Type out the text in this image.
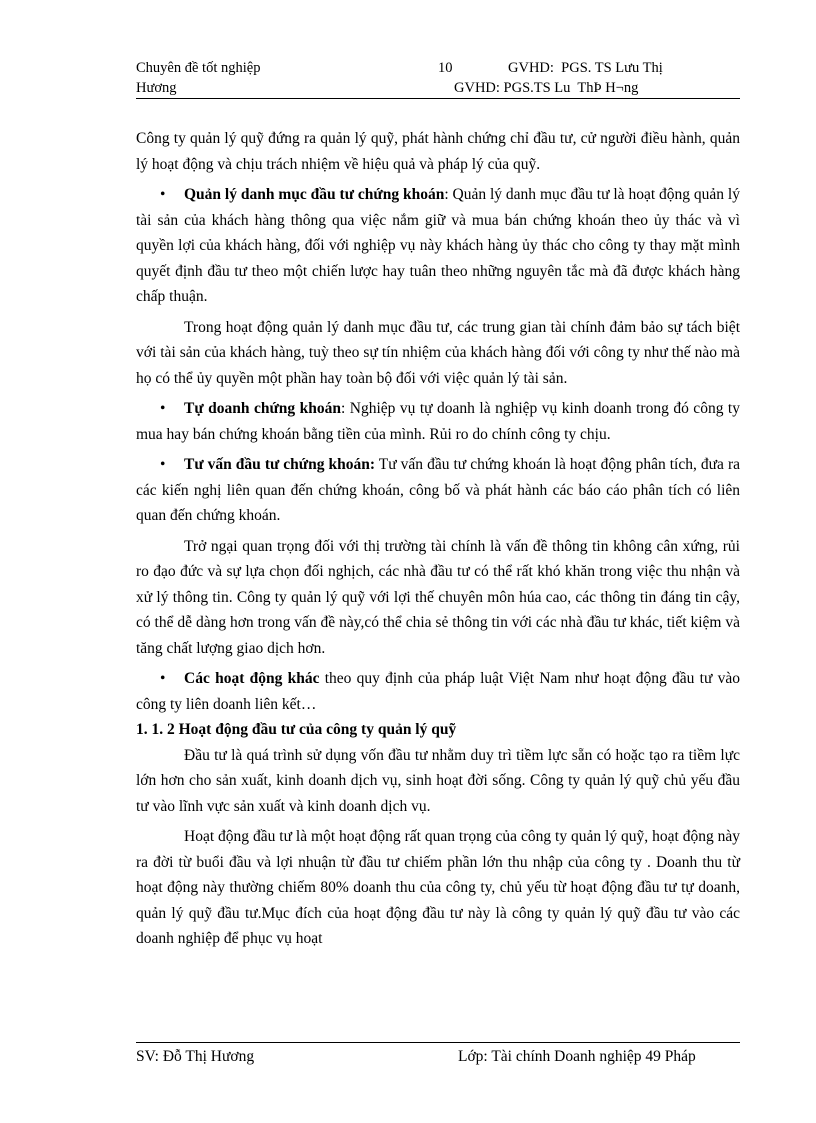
Chuyên đề tốt nghiệp	10	GVHD:  PGS. TS Lưu Thị
Hương	GVHD: PGS.TS Lu  ThÞ H¬ng

Công ty quản lý quỹ đứng ra quản lý quỹ, phát hành chứng chỉ đầu tư, cử người điều hành, quản lý hoạt động và chịu trách nhiệm về hiệu quả và pháp lý của quỹ.

• Quản lý danh mục đầu tư chứng khoán: Quản lý danh mục đầu tư là hoạt động quản lý tài sản của khách hàng thông qua việc nắm giữ và mua bán chứng khoán theo ủy thác và vì quyền lợi của khách hàng, đối với nghiệp vụ này khách hàng ủy thác cho công ty thay mặt mình quyết định đầu tư theo một chiến lược hay tuân theo những nguyên tắc mà đã được khách hàng chấp thuận.

Trong hoạt động quản lý danh mục đầu tư, các trung gian tài chính đảm bảo sự tách biệt với tài sản của khách hàng, tuỳ theo sự tín nhiệm của khách hàng đối với công ty như thế nào mà họ có thể ủy quyền một phần hay toàn bộ đối với việc quản lý tài sản.

• Tự doanh chứng khoán: Nghiệp vụ tự doanh là nghiệp vụ kinh doanh trong đó công ty mua hay bán chứng khoán bằng tiền của mình. Rủi ro do chính công ty chịu.

• Tư vấn đầu tư chứng khoán: Tư vấn đầu tư chứng khoán là hoạt động phân tích, đưa ra các kiến nghị liên quan đến chứng khoán, công bố và phát hành các báo cáo phân tích có liên quan đến chứng khoán.

Trở ngại quan trọng đối với thị trường tài chính là vấn đề thông tin không cân xứng, rủi ro đạo đức và sự lựa chọn đối nghịch, các nhà đầu tư có thể rất khó khăn trong việc thu nhận và xử lý thông tin. Công ty quản lý quỹ với lợi thế chuyên môn húa cao, các thông tin đáng tin cậy, có thể dễ dàng hơn trong vấn đề này,có thể chia sẻ thông tin với các nhà đầu tư khác, tiết kiệm và tăng chất lượng giao dịch hơn.

• Các hoạt động khác theo quy định của pháp luật Việt Nam như hoạt động đầu tư vào công ty liên doanh liên kết…

1. 1. 2 Hoạt động đầu tư của công ty quản lý quỹ

Đầu tư là quá trình sử dụng vốn đầu tư nhằm duy trì tiềm lực sẵn có hoặc tạo ra tiềm lực lớn hơn cho sản xuất, kinh doanh dịch vụ, sinh hoạt đời sống. Công ty quản lý quỹ chủ yếu đầu tư vào lĩnh vực sản xuất và kinh doanh dịch vụ.

Hoạt động đầu tư là một hoạt động rất quan trọng của công ty quản lý quỹ, hoạt động này ra đời từ buổi đầu và lợi nhuận từ đầu tư chiếm phần lớn thu nhập của công ty . Doanh thu từ hoạt động này thường chiếm 80% doanh thu của công ty, chủ yếu từ hoạt động đầu tư tự doanh, quản lý quỹ đầu tư.Mục đích của hoạt động đầu tư này là công ty quản lý quỹ đầu tư vào các doanh nghiệp để phục vụ hoạt

SV: Đỗ Thị Hương	Lớp: Tài chính Doanh nghiệp 49 Pháp
